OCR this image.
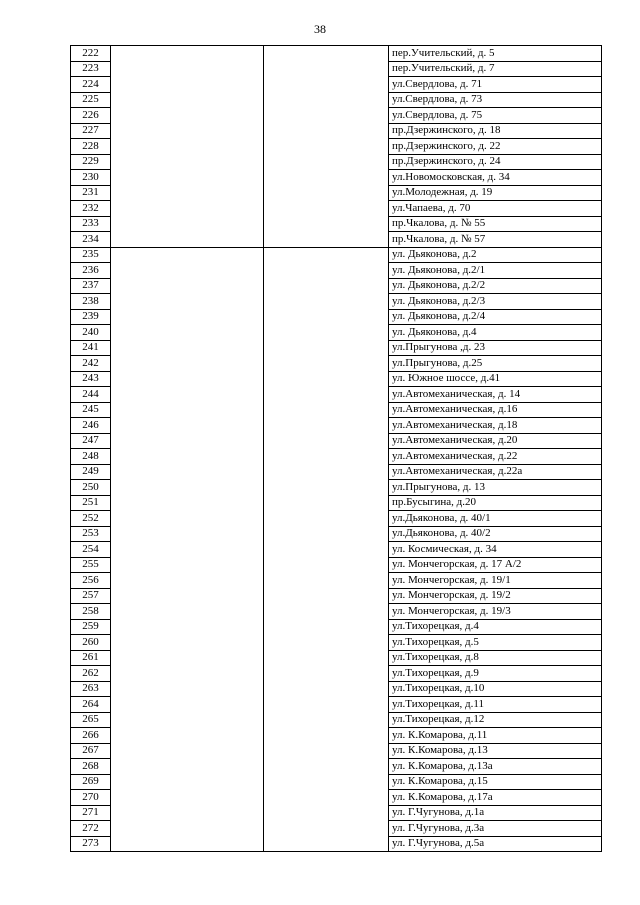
38
222			пер.Учительский, д. 5
223			пер.Учительский, д. 7
224			ул.Свердлова, д. 71
225			ул.Свердлова, д. 73
226			ул.Свердлова, д. 75
227			пр.Дзержинского, д. 18
228			пр.Дзержинского, д. 22
229			пр.Дзержинского, д. 24
230			ул.Новомосковская, д. 34
231			ул.Молодежная, д. 19
232			ул.Чапаева, д. 70
233			пр.Чкалова, д. № 55
234			пр.Чкалова, д. № 57
235			ул. Дьяконова, д.2
236			ул. Дьяконова, д.2/1
237			ул. Дьяконова, д.2/2
238			ул. Дьяконова, д.2/3
239			ул. Дьяконова, д.2/4
240			ул. Дьяконова, д.4
241			ул.Прыгунова ,д. 23
242			ул.Прыгунова, д.25
243			ул. Южное шоссе, д.41
244			ул.Автомеханическая, д. 14
245			ул.Автомеханическая, д.16
246			ул.Автомеханическая, д.18
247			ул.Автомеханическая, д.20
248			ул.Автомеханическая, д.22
249			ул.Автомеханическая, д.22а
250			ул.Прыгунова, д. 13
251			пр.Бусыгина, д.20
252			ул.Дьяконова, д. 40/1
253			ул.Дьяконова, д. 40/2
254			ул. Космическая, д. 34
255			ул. Мончегорская, д. 17 А/2
256			ул. Мончегорская, д. 19/1
257			ул. Мончегорская, д. 19/2
258			ул. Мончегорская, д. 19/3
259			ул.Тихорецкая, д.4
260			ул.Тихорецкая, д.5
261			ул.Тихорецкая, д.8
262			ул.Тихорецкая, д.9
263			ул.Тихорецкая, д.10
264			ул.Тихорецкая, д.11
265			ул.Тихорецкая, д.12
266			ул. К.Комарова, д.11
267			ул. К.Комарова, д.13
268			ул. К.Комарова, д.13а
269			ул. К.Комарова, д.15
270			ул. К.Комарова, д.17а
271			ул. Г.Чугунова, д.1а
272			ул. Г.Чугунова, д.3а
273			ул. Г.Чугунова, д.5а
